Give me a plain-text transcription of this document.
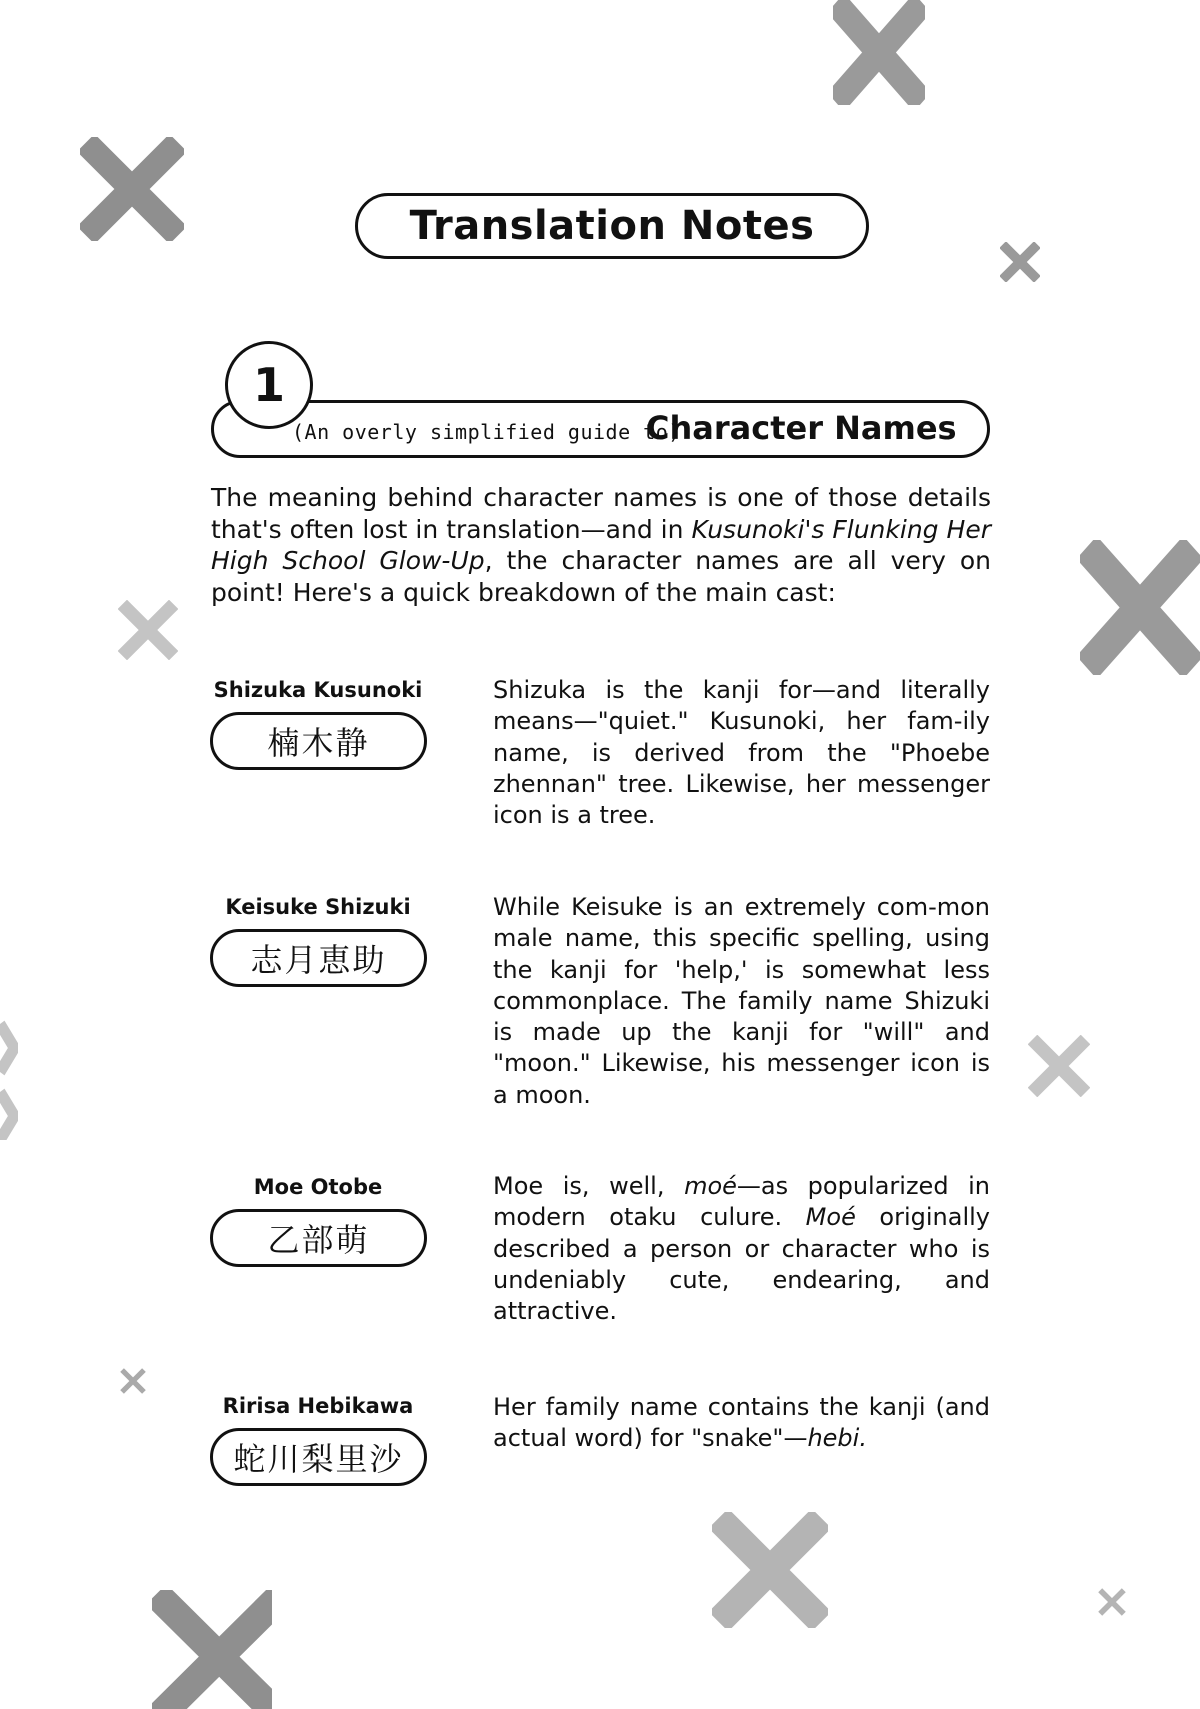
Translation Notes
1
(An overly simplified guide to)
Character Names

The meaning behind character names is one of those details that's often lost in translation—and in Kusunoki's Flunking Her High School Glow-Up, the character names are all very on point! Here's a quick breakdown of the main cast:

Shizuka Kusunoki
楠木静

Shizuka is the kanji for—and literally means—"quiet." Kusunoki, her fam-ily name, is derived from the "Phoebe zhennan" tree. Likewise, her messenger icon is a tree.

Keisuke Shizuki
志月恵助

While Keisuke is an extremely com-mon male name, this specific spelling, using the kanji for 'help,' is somewhat less commonplace. The family name Shizuki is made up the kanji for "will" and "moon." Likewise, his messenger icon is a moon.

Moe Otobe
乙部萌

Moe is, well, moé—as popularized in modern otaku culure. Moé originally described a person or character who is undeniably cute, endearing, and attractive.

Ririsa Hebikawa
蛇川梨里沙

Her family name contains the kanji (and actual word) for "snake"—hebi.
